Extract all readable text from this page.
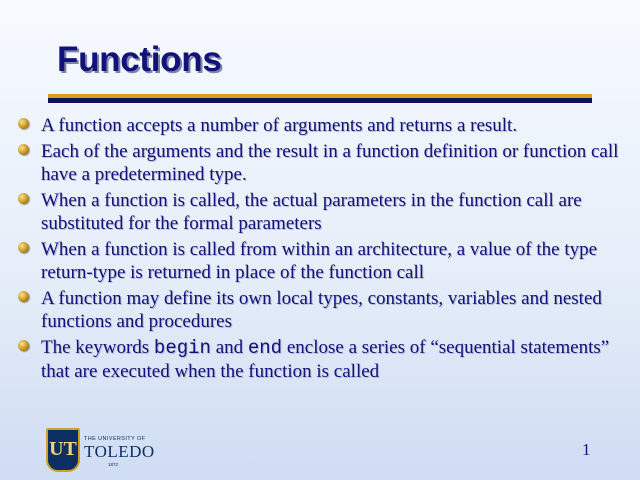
Functions
A function accepts a number of arguments and returns a result.
Each of the arguments and the result in a function definition or function call have a predetermined type.
When a function is called, the actual parameters in the function call are substituted for the formal parameters
When a function is called from within an architecture, a value of the type return-type is returned in place of the function call
A function may define its own local types, constants, variables and nested functions and procedures
The keywords begin and end enclose a series of “sequential statements” that are executed when the function is called
UT	THE UNIVERSITY OF
TOLEDO
1872
1
